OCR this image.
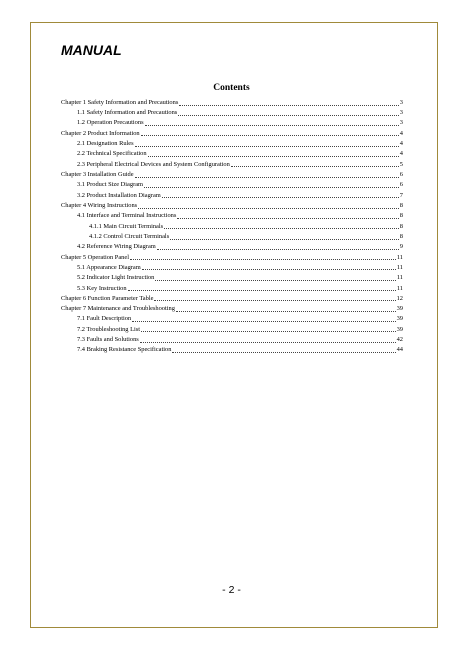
MANUAL
Contents
Chapter 1 Safety Information and Precautions	3
1.1 Safety Information and Precautions	3
1.2 Operation Precautions	3
Chapter 2 Product Information	4
2.1 Designation Rules	4
2.2 Technical Specification	4
2.3 Peripheral Electrical Devices and System Configuration	5
Chapter 3 Installation Guide	6
3.1 Product Size Diagram	6
3.2 Product Installation Diagram	7
Chapter 4 Wiring Instructions	8
4.1 Interface and Terminal Instructions	8
4.1.1 Main Circuit Terminals	8
4.1.2 Control Circuit Terminals	8
4.2 Reference Wiring Diagram	9
Chapter 5 Operation Panel	11
5.1 Appearance Diagram	11
5.2 Indicator Light Instruction	11
5.3 Key Instruction	11
Chapter 6 Function Parameter Table	12
Chapter 7 Maintenance and Troubleshooting	39
7.1 Fault Description	39
7.2 Troubleshooting List	39
7.3 Faults and Solutions	42
7.4 Braking Resistance Specification	44
- 2 -
